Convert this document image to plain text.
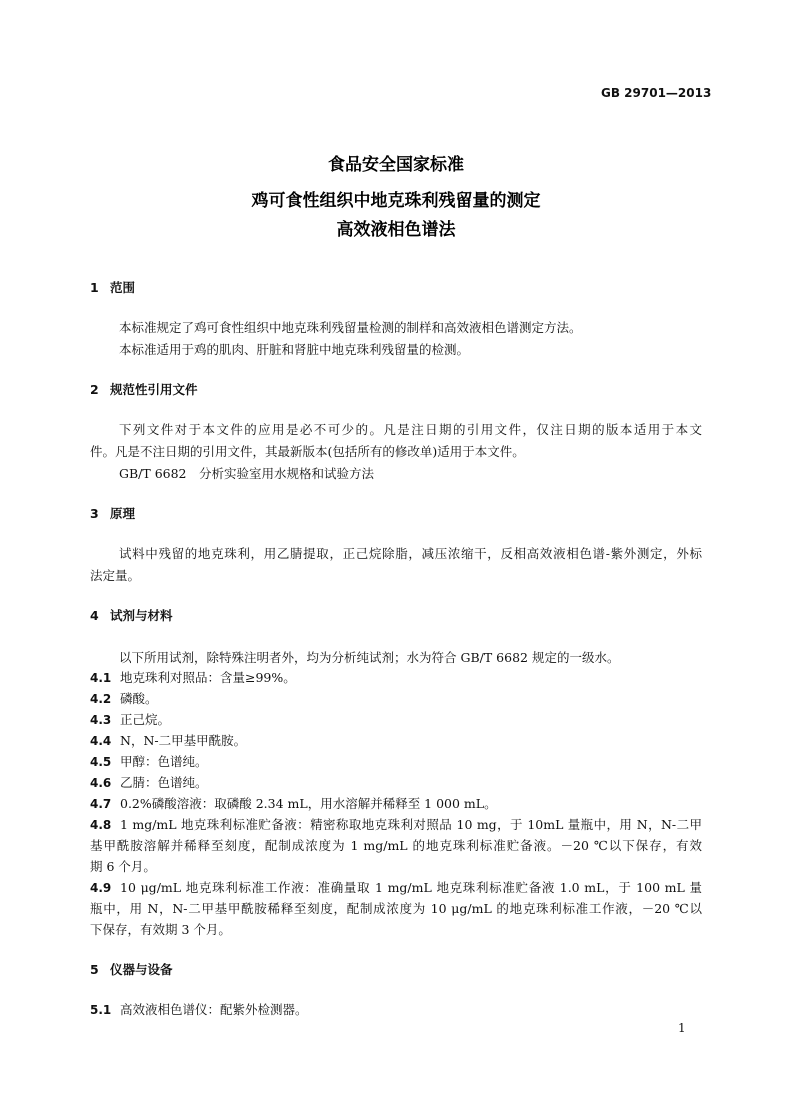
GB 29701—2013
食品安全国家标准
鸡可食性组织中地克珠利残留量的测定
高效液相色谱法
1 范围
本标准规定了鸡可食性组织中地克珠利残留量检测的制样和高效液相色谱测定方法。
本标准适用于鸡的肌肉、肝脏和肾脏中地克珠利残留量的检测。
2 规范性引用文件
下列文件对于本文件的应用是必不可少的。凡是注日期的引用文件，仅注日期的版本适用于本文
件。凡是不注日期的引用文件，其最新版本(包括所有的修改单)适用于本文件。
GB/T 6682　分析实验室用水规格和试验方法
3 原理
试料中残留的地克珠利，用乙腈提取，正己烷除脂，减压浓缩干，反相高效液相色谱-紫外测定，外标
法定量。
4 试剂与材料
以下所用试剂，除特殊注明者外，均为分析纯试剂；水为符合 GB/T 6682 规定的一级水。
4.1 地克珠利对照品：含量≥99%。
4.2 磷酸。
4.3 正己烷。
4.4 N，N-二甲基甲酰胺。
4.5 甲醇：色谱纯。
4.6 乙腈：色谱纯。
4.7 0.2%磷酸溶液：取磷酸 2.34 mL，用水溶解并稀释至 1 000 mL。
4.8 1 mg/mL 地克珠利标准贮备液：精密称取地克珠利对照品 10 mg，于 10mL 量瓶中，用 N，N-二甲
基甲酰胺溶解并稀释至刻度，配制成浓度为 1 mg/mL 的地克珠利标准贮备液。－20 ℃以下保存，有效
期 6 个月。
4.9 10 μg/mL 地克珠利标准工作液：准确量取 1 mg/mL 地克珠利标准贮备液 1.0 mL，于 100 mL 量
瓶中，用 N，N-二甲基甲酰胺稀释至刻度，配制成浓度为 10 μg/mL 的地克珠利标准工作液，－20 ℃以
下保存，有效期 3 个月。
5 仪器与设备
5.1 高效液相色谱仪：配紫外检测器。
1
